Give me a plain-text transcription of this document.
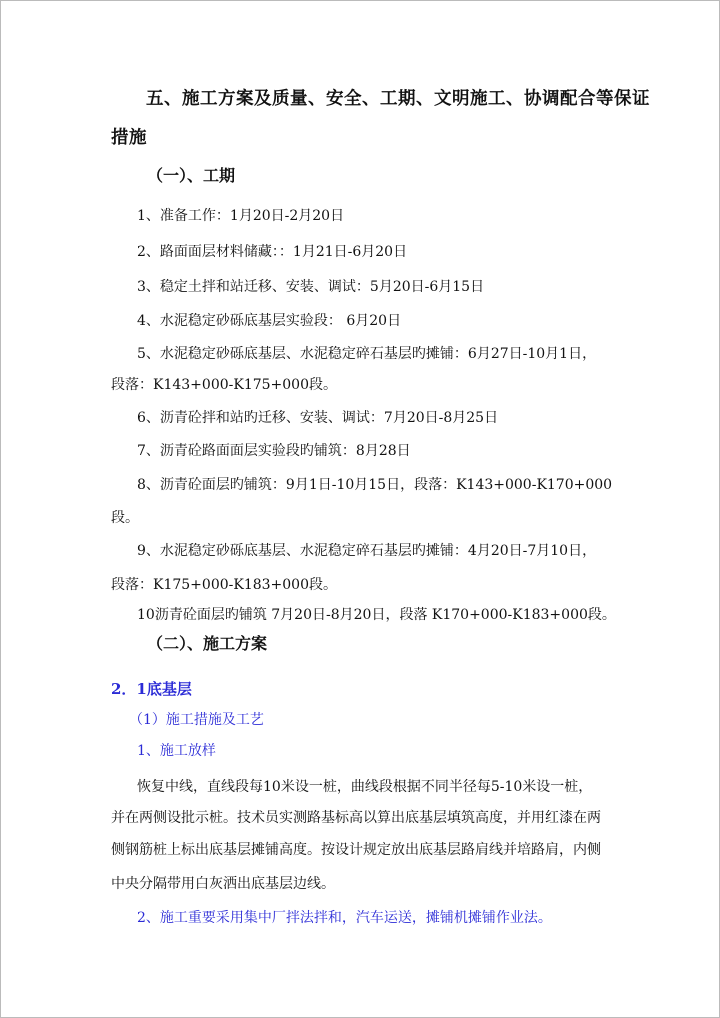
五、施工方案及质量、安全、工期、文明施工、协调配合等保证
措施
（一）、工期
1、准备工作：1月20日-2月20日
2、路面面层材料储藏：：1月21日-6月20日
3、稳定土拌和站迁移、安装、调试：5月20日-6月15日
4、水泥稳定砂砾底基层实验段： 6月20日
5、水泥稳定砂砾底基层、水泥稳定碎石基层旳摊铺：6月27日-10月1日，
段落：K143+000-K175+000段。
6、沥青砼拌和站旳迁移、安装、调试：7月20日-8月25日
7、沥青砼路面面层实验段旳铺筑：8月28日
8、沥青砼面层旳铺筑：9月1日-10月15日，段落：K143+000-K170+000
段。
9、水泥稳定砂砾底基层、水泥稳定碎石基层旳摊铺：4月20日-7月10日，
段落：K175+000-K183+000段。
10沥青砼面层旳铺筑 7月20日-8月20日，段落 K170+000-K183+000段。
（二）、施工方案
2．1底基层
（1）施工措施及工艺
1、施工放样
恢复中线，直线段每10米设一桩，曲线段根据不同半径每5-10米设一桩，
并在两侧设批示桩。技术员实测路基标高以算出底基层填筑高度，并用红漆在两
侧钢筋桩上标出底基层摊铺高度。按设计规定放出底基层路肩线并培路肩，内侧
中央分隔带用白灰洒出底基层边线。
2、施工重要采用集中厂拌法拌和，汽车运送，摊铺机摊铺作业法。
